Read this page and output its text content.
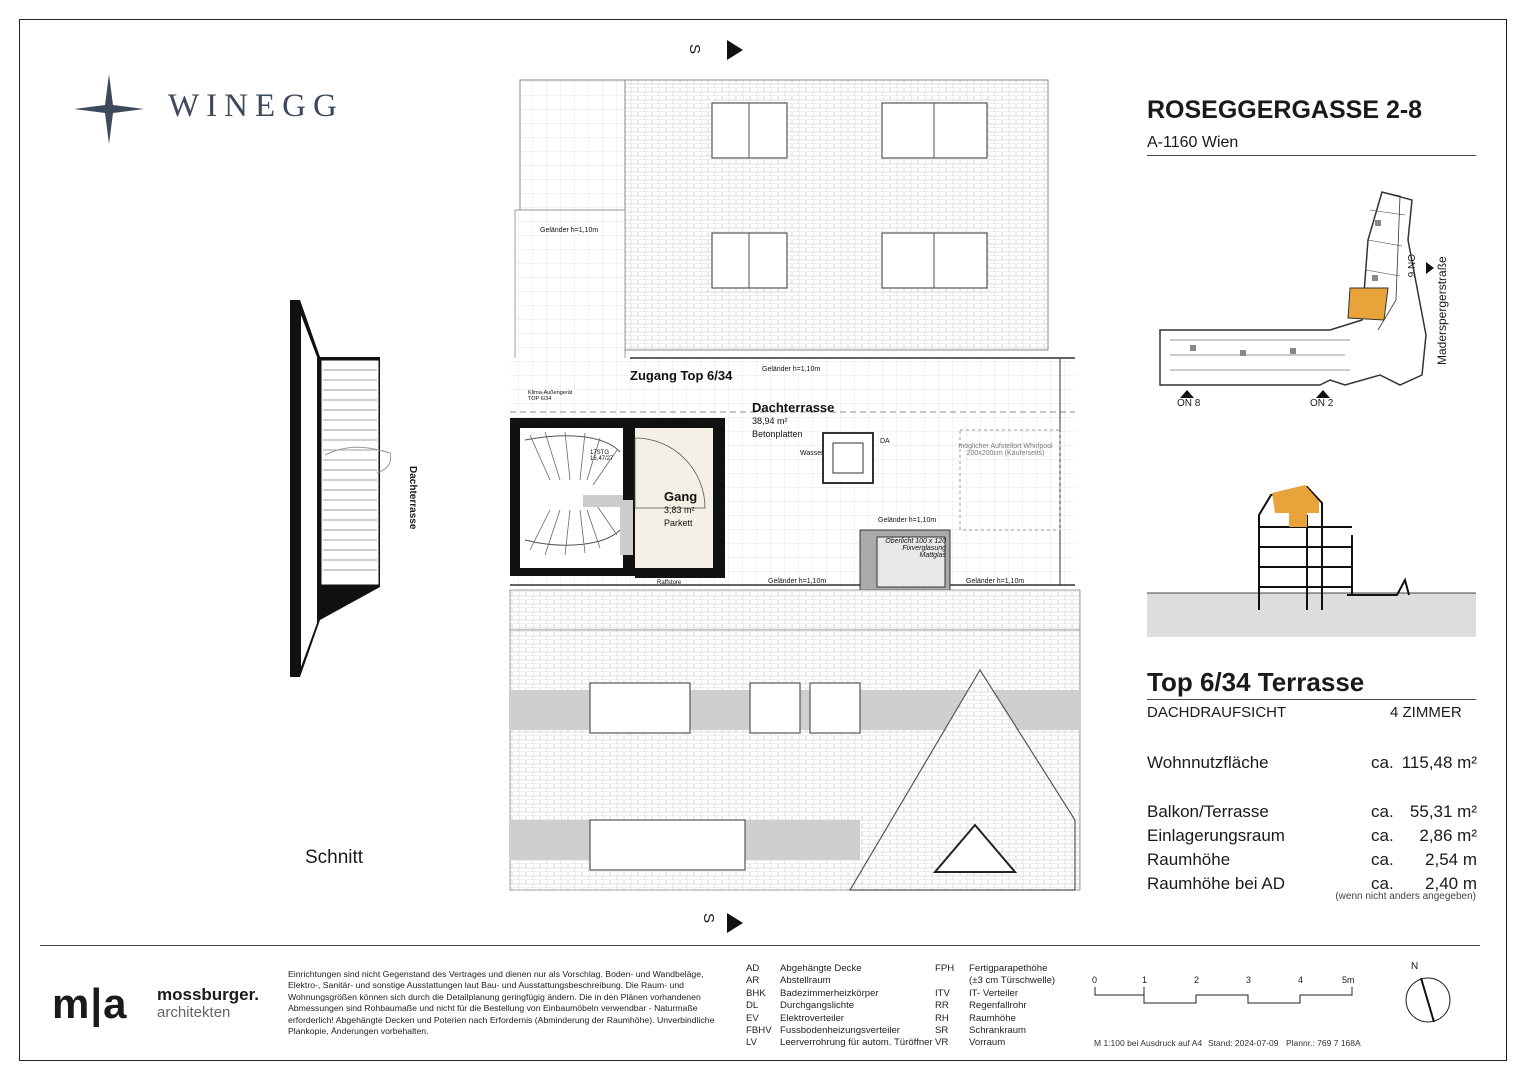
WINEGG	ROSEGGERGASSE 2-8
A-1160 Wien
ON 8	ON 2
ON 6 Maderspergerstraße
Top 6/34 Terrasse
DACHDRAUFSICHT	4 ZIMMER
Wohnnutzfläche	ca. 115,48 m²
Balkon/Terrasse	ca. 55,31 m²
Einlagerungsraum	ca. 2,86 m²
Raumhöhe	ca. 2,54 m
Raumhöhe bei AD	ca. 2,40 m
(wenn nicht anders angegeben)
Dachterrasse
Schnitt
S
S
Zugang Top 6/34
Dachterrasse
38,94 m²
Betonplatten
Gang
3,83 m²
Parkett
Geländer h=1,10m
Geländer h=1,10m
Geländer h=1,10m
Geländer h=1,10m	Geländer h=1,10m
Klima-Außengerät TOP 6/34
Wasser
DA
möglicher Aufstellort Whirlpool 200x200cm (Käuferseits)
Oberlicht 100 x 120 Fixverglasung Mattglas
Raffstore
Bigel
Raffstore
17STG 16,47/27
m|a mossburger.
architekten
Einrichtungen sind nicht Gegenstand des Vertrages und dienen nur als Vorschlag. Boden- und Wandbeläge, Elektro-, Sanitär- und sonstige Ausstattungen laut Bau- und Ausstattungsbeschreibung. Die Raum- und Wohnungsgrößen können sich durch die Detailplanung geringfügig ändern. Die in den Plänen vorhandenen Abmessungen sind Rohbaumaße und nicht für die Bestellung von Einbaumöbeln verwendbar - Naturmaße erforderlich! Abgehängte Decken und Poterien nach Erfordernis (Abminderung der Raumhöhe). Unverbindliche Plankopie, Änderungen vorbehalten.
AD	Abgehängte Decke
AR	Abstellraum
BHK	Badezimmerheizkörper
DL	Durchgangslichte
EV	Elektroverteiler
FBHV Fussbodenheizungsverteiler
LV	Leerverrohrung für autom. Türöffner
FPH	Fertigparapethöhe
(±3 cm Türschwelle)
ITV	IT- Verteiler
RR	Regenfallrohr
RH	Raumhöhe
SR	Schrankraum
VR	Vorraum
0	1	2	3	4	5m
M 1:100 bei Ausdruck auf A4 Stand: 2024-07-09 Plannr.: 769 7 168A
N
